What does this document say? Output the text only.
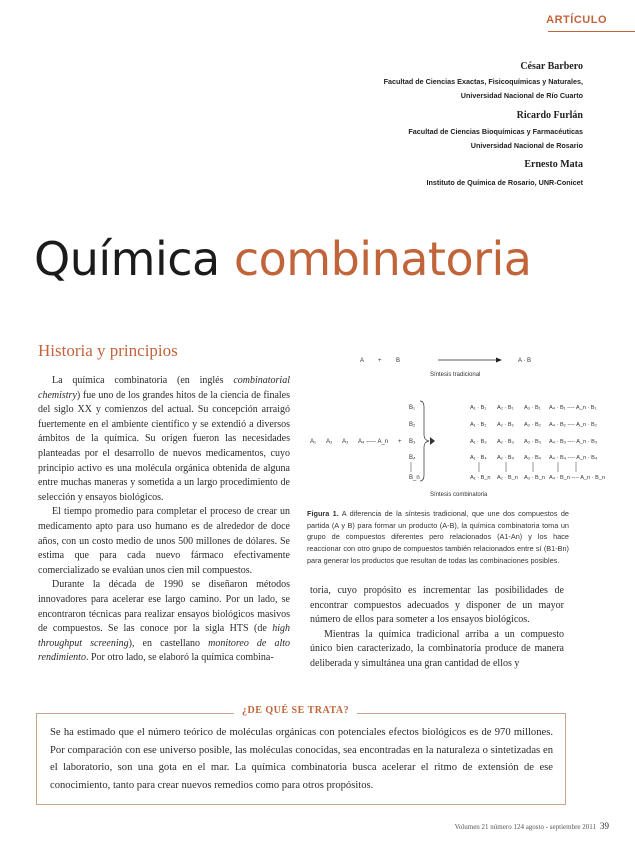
ARTÍCULO
César Barbero
Facultad de Ciencias Exactas, Fisicoquímicas y Naturales,
Universidad Nacional de Río Cuarto
Ricardo Furlán
Facultad de Ciencias Bioquímicas y Farmacéuticas
Universidad Nacional de Rosario
Ernesto Mata
Instituto de Química de Rosario, UNR-Conicet
Química combinatoria
Historia y principios

La química combinatoria (en inglés combinatorial chemistry) fue uno de los grandes hitos de la ciencia de finales del siglo XX y comienzos del actual. Su concepción arraigó fuertemente en el ambiente científico y se extendió a diversos ámbitos de la química. Su origen fueron las necesidades planteadas por el desarrollo de nuevos medicamentos, cuyo principio activo es una molécula orgánica obtenida de alguna entre muchas maneras y sometida a un largo procedimiento de selección y ensayos biológicos.

El tiempo promedio para completar el proceso de crear un medicamento apto para uso humano es de alrededor de doce años, con un costo medio de unos 500 millones de dólares. Se estima que para cada nuevo fármaco efectivamente comercializado se evalúan unos cien mil compuestos.

Durante la década de 1990 se diseñaron métodos innovadores para acelerar ese largo camino. Por un lado, se encontraron técnicas para realizar ensayos biológicos masivos de compuestos. Se las conoce por la sigla HTS (de high throughput screening), en castellano monitoreo de alto rendimiento. Por otro lado, se elaboró la química combina-

A + B	A · B
Síntesis tradicional
A₁ A₂ A₃ A₄ ----- A_n +
B₁
B₂
B₃
B₄
B_n
A₁ · B₁ A₂ · B₁ A₃ · B₁ A₄ · B₁ ---- A_n · B₁
A₁ · B₂ A₂ · B₂ A₃ · B₂ A₄ · B₂ ---- A_n · B₂
A₁ · B₃ A₂ · B₃ A₃ · B₃ A₄ · B₃ ---- A_n · B₃
A₁ · B₄ A₂ · B₄ A₃ · B₄ A₄ · B₄ ---- A_n · B₄
A₁ · B_n A₂ · B_n A₃ · B_n A₄ · B_n ---- A_n · B_n
Síntesis combinatoria
Figura 1. A diferencia de la síntesis tradicional, que une dos compuestos de partida (A y B) para formar un producto (A-B), la química combinatoria toma un grupo de compuestos diferentes pero relacionados (A1-An) y los hace reaccionar con otro grupo de compuestos también relacionados entre sí (B1-Bn) para generar los productos que resultan de todas las combinaciones posibles.

toria, cuyo propósito es incrementar las posibilidades de encontrar compuestos adecuados y disponer de un mayor número de ellos para someter a los ensayos biológicos.

Mientras la química tradicional arriba a un compuesto único bien caracterizado, la combinatoria produce de manera deliberada y simultánea una gran cantidad de ellos y

¿DE QUÉ SE TRATA?
Se ha estimado que el número teórico de moléculas orgánicas con potenciales efectos biológicos es de 970 millones. Por comparación con ese universo posible, las moléculas conocidas, sea encontradas en la naturaleza o sintetizadas en el laboratorio, son una gota en el mar. La química combinatoria busca acelerar el ritmo de extensión de ese conocimiento, tanto para crear nuevos remedios como para otros propósitos.
Volumen 21 número 124 agosto - septiembre 2011 39
